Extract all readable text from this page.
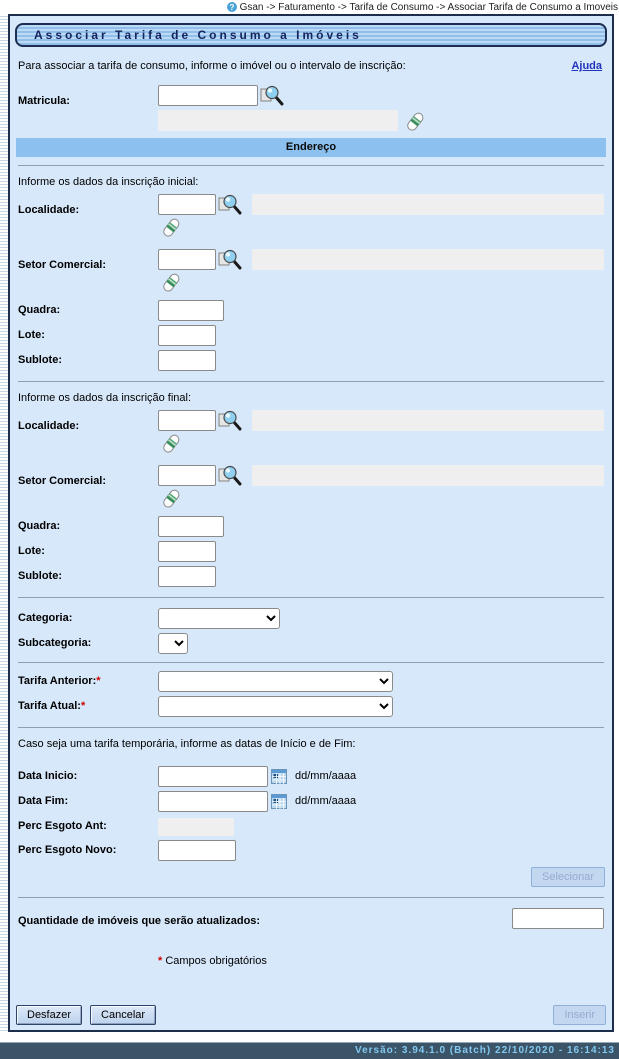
? Gsan -> Faturamento -> Tarifa de Consumo -> Associar Tarifa de Consumo a Imoveis
Associar Tarifa de Consumo a Imóveis
Para associar a tarifa de consumo, informe o imóvel ou o intervalo de inscrição:	Ajuda
Matricula:
Endereço
Informe os dados da inscrição inicial:
Localidade:
Setor Comercial:
Quadra:
Lote:
Sublote:
Informe os dados da inscrição final:
Localidade:
Setor Comercial:
Quadra:
Lote:
Sublote:
Categoria:
Subcategoria:
Tarifa Anterior:*
Tarifa Atual:*
Caso seja uma tarifa temporária, informe as datas de Início e de Fim:
Data Inicio:	dd/mm/aaaa
Data Fim:	dd/mm/aaaa
Perc Esgoto Ant:
Perc Esgoto Novo:
Selecionar
Quantidade de imóveis que serão atualizados:
* Campos obrigatórios
Desfazer	Cancelar	Inserir
Versão: 3.94.1.0 (Batch) 22/10/2020 - 16:14:13
